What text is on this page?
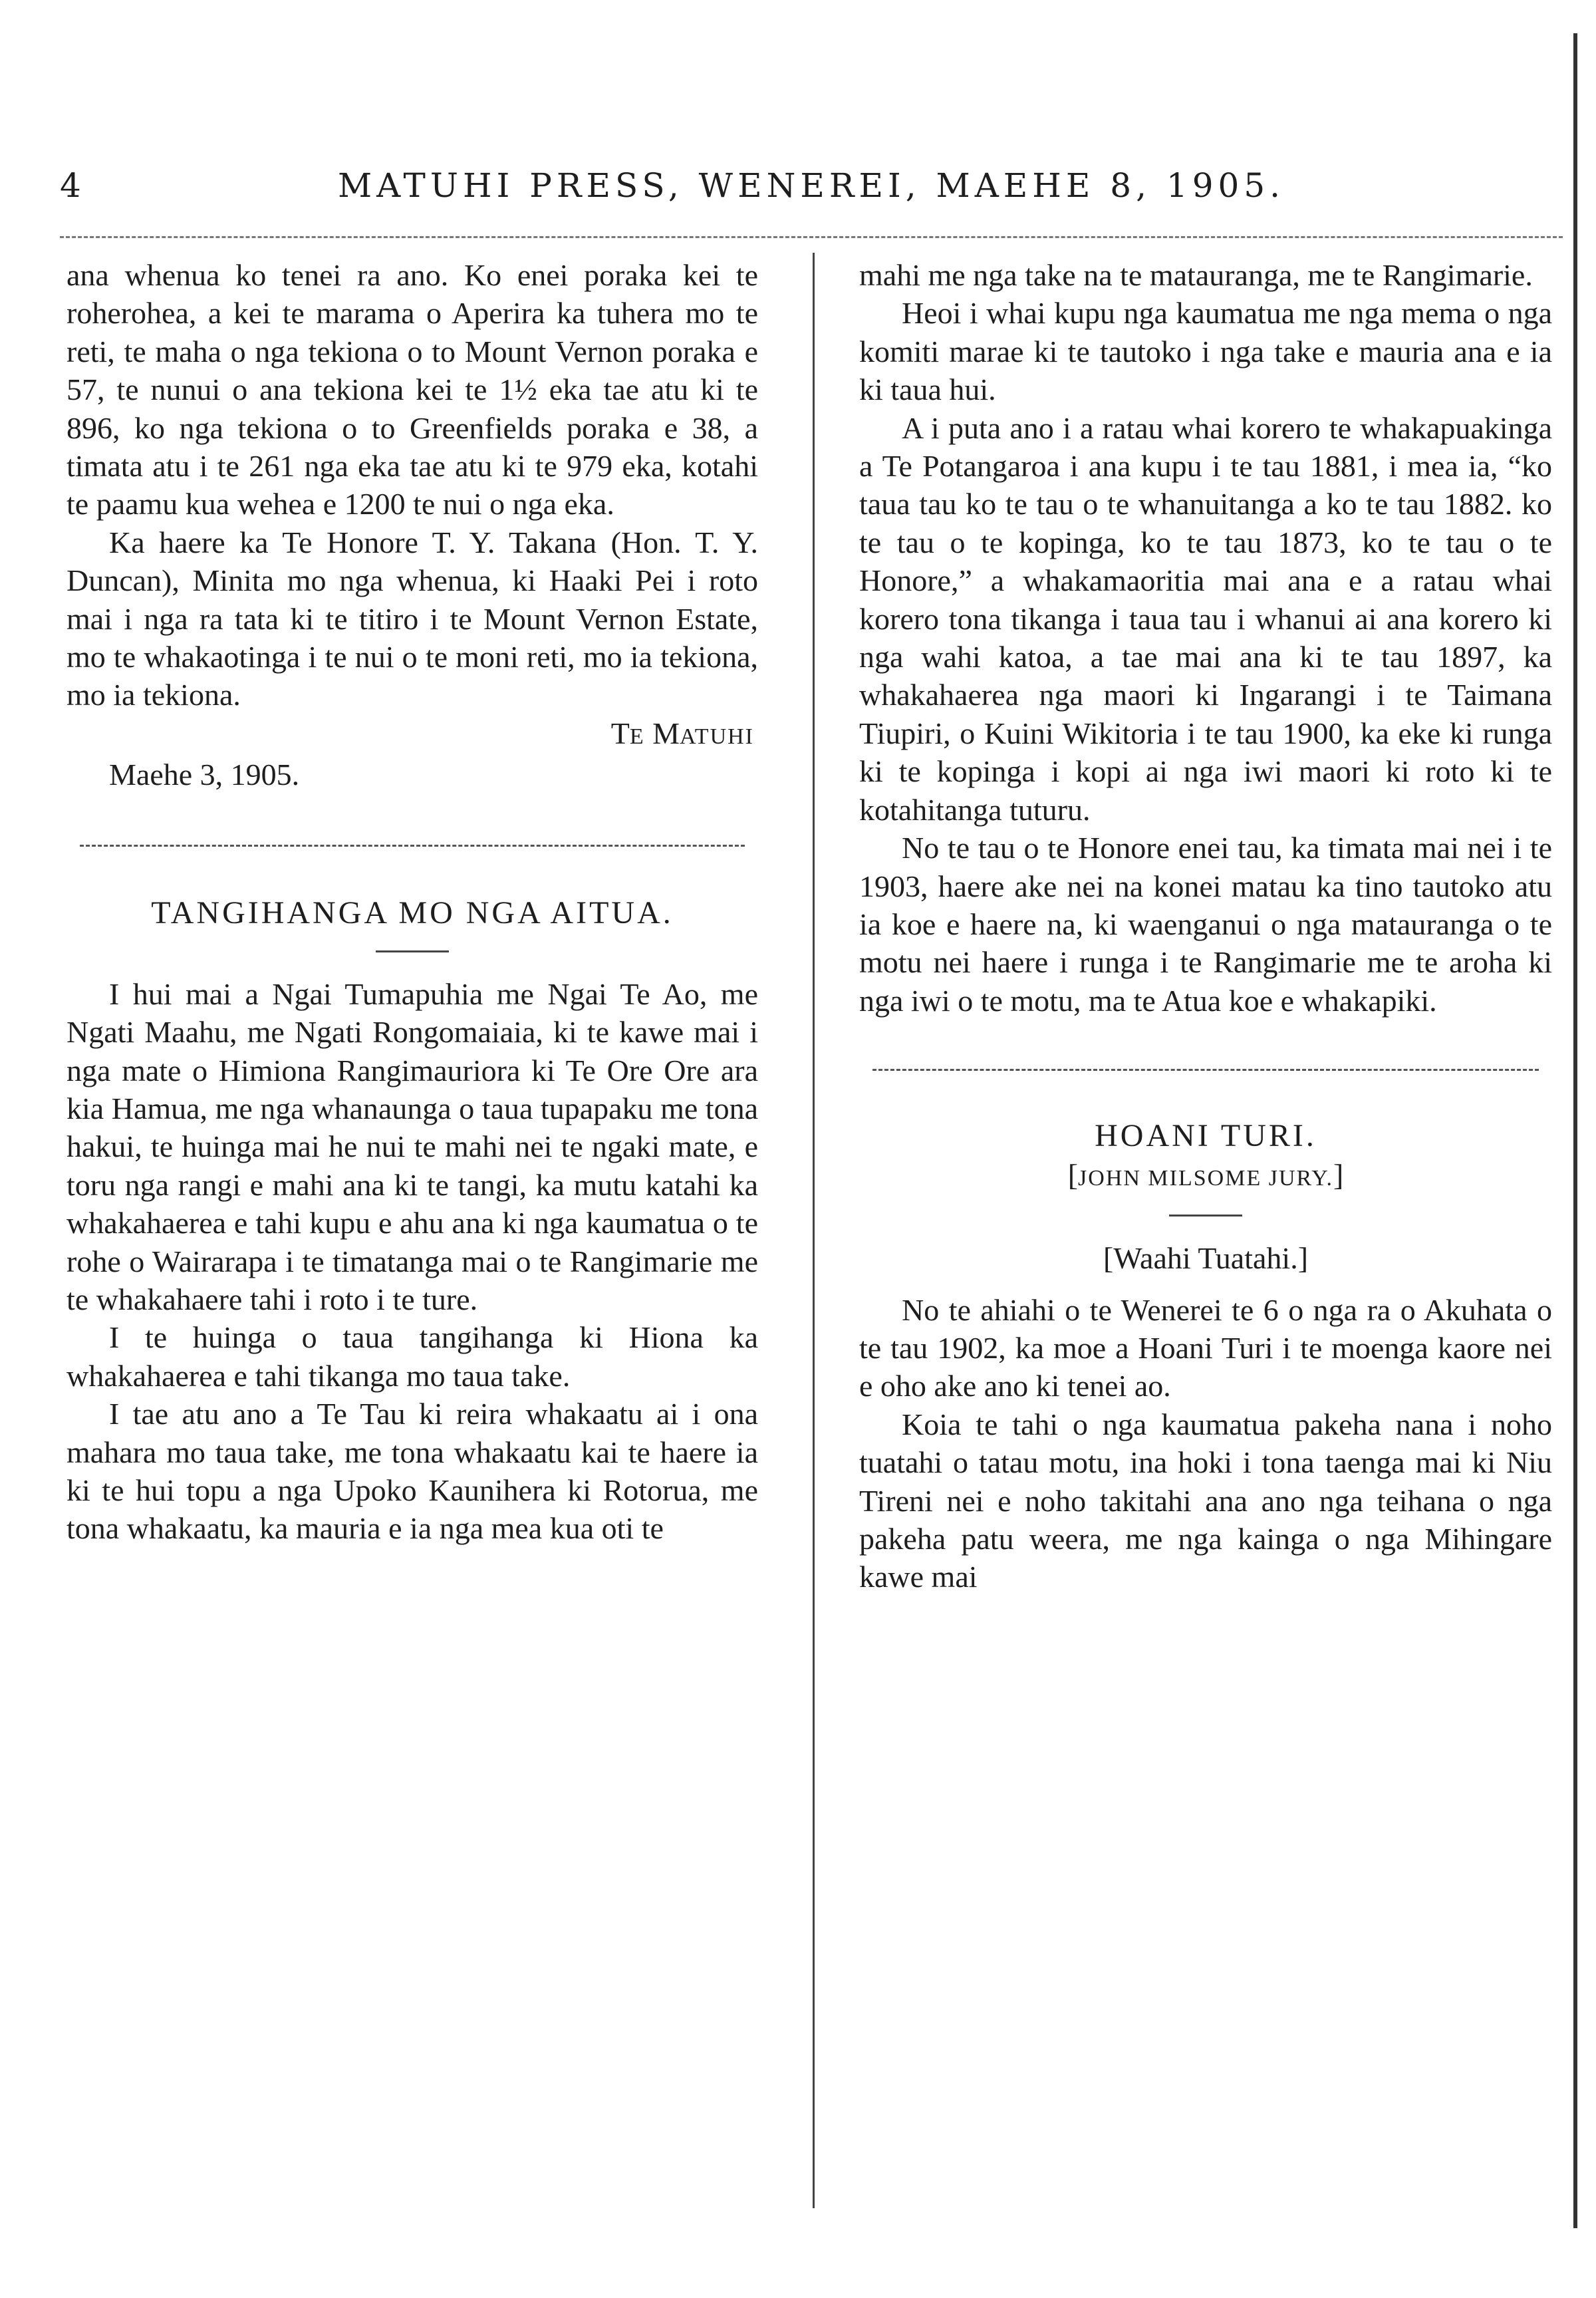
4	MATUHI PRESS, WENEREI, MAEHE 8, 1905.

ana whenua ko tenei ra ano. Ko enei poraka kei te roherohea, a kei te marama o Aperira ka tuhera mo te reti, te maha o nga tekiona o to Mount Vernon poraka e 57, te nunui o ana tekiona kei te 1½ eka tae atu ki te 896, ko nga tekiona o to Greenfields poraka e 38, a timata atu i te 261 nga eka tae atu ki te 979 eka, kotahi te paamu kua wehea e 1200 te nui o nga eka.

Ka haere ka Te Honore T. Y. Takana (Hon. T. Y. Duncan), Minita mo nga whenua, ki Haaki Pei i roto mai i nga ra tata ki te titiro i te Mount Vernon Estate, mo te whakaotinga i te nui o te moni reti, mo ia tekiona, mo ia tekiona.

TE MATUHI

Maehe 3, 1905.

TANGIHANGA MO NGA AITUA.

I hui mai a Ngai Tumapuhia me Ngai Te Ao, me Ngati Maahu, me Ngati Rongomaiaia, ki te kawe mai i nga mate o Himiona Rangimauriora ki Te Ore Ore ara kia Hamua, me nga whanaunga o taua tupapaku me tona hakui, te huinga mai he nui te mahi nei te ngaki mate, e toru nga rangi e mahi ana ki te tangi, ka mutu katahi ka whakahaerea e tahi kupu e ahu ana ki nga kaumatua o te rohe o Wairarapa i te timatanga mai o te Rangimarie me te whakahaere tahi i roto i te ture.

I te huinga o taua tangihanga ki Hiona ka whakahaerea e tahi tikanga mo taua take.

I tae atu ano a Te Tau ki reira whakaatu ai i ona mahara mo taua take, me tona whakaatu kai te haere ia ki te hui topu a nga Upoko Kaunihera ki Rotorua, me tona whakaatu, ka mauria e ia nga mea kua oti te

mahi me nga take na te matauranga, me te Rangimarie.

Heoi i whai kupu nga kaumatua me nga mema o nga komiti marae ki te tautoko i nga take e mauria ana e ia ki taua hui.

A i puta ano i a ratau whai korero te whakapuakinga a Te Potangaroa i ana kupu i te tau 1881, i mea ia, “ko taua tau ko te tau o te whanuitanga a ko te tau 1882. ko te tau o te kopinga, ko te tau 1873, ko te tau o te Honore,” a whakamaoritia mai ana e a ratau whai korero tona tikanga i taua tau i whanui ai ana korero ki nga wahi katoa, a tae mai ana ki te tau 1897, ka whakahaerea nga maori ki Ingarangi i te Taimana Tiupiri, o Kuini Wikitoria i te tau 1900, ka eke ki runga ki te kopinga i kopi ai nga iwi maori ki roto ki te kotahitanga tuturu.

No te tau o te Honore enei tau, ka timata mai nei i te 1903, haere ake nei na konei matau ka tino tautoko atu ia koe e haere na, ki waenganui o nga matauranga o te motu nei haere i runga i te Rangimarie me te aroha ki nga iwi o te motu, ma te Atua koe e whakapiki.

HOANI TURI.

[JOHN MILSOME JURY.]

[Waahi Tuatahi.]

No te ahiahi o te Wenerei te 6 o nga ra o Akuhata o te tau 1902, ka moe a Hoani Turi i te moenga kaore nei e oho ake ano ki tenei ao.

Koia te tahi o nga kaumatua pakeha nana i noho tuatahi o tatau motu, ina hoki i tona taenga mai ki Niu Tireni nei e noho takitahi ana ano nga teihana o nga pakeha patu weera, me nga kainga o nga Mihingare kawe mai
